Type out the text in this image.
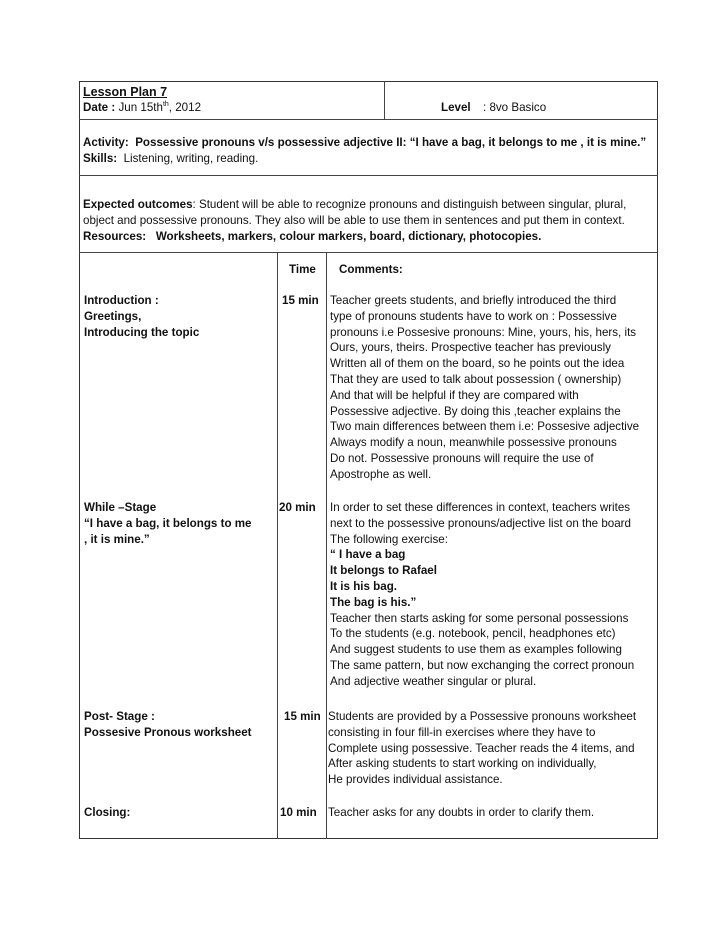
Lesson Plan 7
Date : Jun $15th^{th}$, 2012	Level : 8vo Basico
Activity: Possessive pronouns v/s possessive adjective II: “I have a bag, it belongs to me , it is mine.”
Skills: Listening, writing, reading.
Expected outcomes: Student will be able to recognize pronouns and distinguish between singular, plural,
object and possessive pronouns. They also will be able to use them in sentences and put them in context.
Resources: Worksheets, markers, colour markers, board, dictionary, photocopies.
Time Comments:
Introduction :
Greetings,
Introducing the topic
15 min Teacher greets students, and briefly introduced the third
type of pronouns students have to work on : Possessive
pronouns i.e Possesive pronouns: Mine, yours, his, hers, its
Ours, yours, theirs. Prospective teacher has previously
Written all of them on the board, so he points out the idea
That they are used to talk about possession ( ownership)
And that will be helpful if they are compared with
Possessive adjective. By doing this ,teacher explains the
Two main differences between them i.e: Possesive adjective
Always modify a noun, meanwhile possessive pronouns
Do not. Possessive pronouns will require the use of
Apostrophe as well.
While –Stage
“I have a bag, it belongs to me
, it is mine.”
20 min In order to set these differences in context, teachers writes
next to the possessive pronouns/adjective list on the board
The following exercise:
“ I have a bag
It belongs to Rafael
It is his bag.
The bag is his.”
Teacher then starts asking for some personal possessions
To the students (e.g. notebook, pencil, headphones etc)
And suggest students to use them as examples following
The same pattern, but now exchanging the correct pronoun
And adjective weather singular or plural.
Post- Stage :
Possesive Pronous worksheet
15 min Students are provided by a Possessive pronouns worksheet
consisting in four fill-in exercises where they have to
Complete using possessive. Teacher reads the 4 items, and
After asking students to start working on individually,
He provides individual assistance.
Closing:	10 min Teacher asks for any doubts in order to clarify them.
